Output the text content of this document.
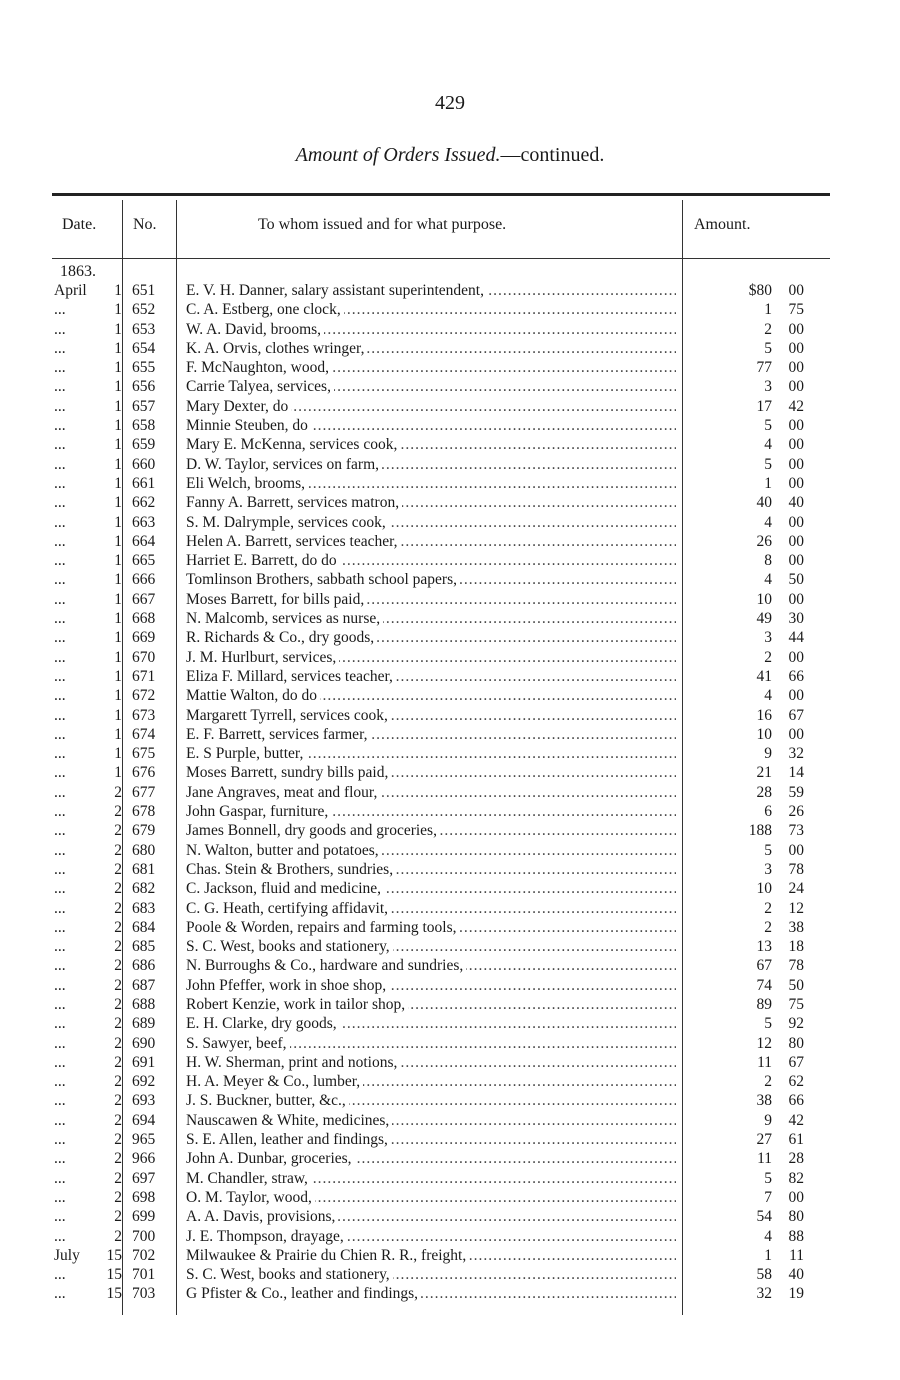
429
Amount of Orders Issued.—continued.
Date. No.	To whom issued and for what purpose.	Amount.
1863.
April	1 651	E. V. H. Danner, salary assistant superintendent, .....	$80	00
...	1 652	C. A. Estberg, one clock, .....	1	75
...	1 653	W. A. David, brooms, .....	2	00
...	1 654	K. A. Orvis, clothes wringer, .....	5	00
...	1 655	F. McNaughton, wood, .....	77	00
...	1 656	Carrie Talyea, services, .....	3	00
...	1 657	Mary Dexter, do .....	17	42
...	1 658	Minnie Steuben, do .....	5	00
...	1 659	Mary E. McKenna, services cook, .....	4	00
...	1 660	D. W. Taylor, services on farm, .....	5	00
...	1 661	Eli Welch, brooms, .....	1	00
...	1 662	Fanny A. Barrett, services matron, .....	40	40
...	1 663	S. M. Dalrymple, services cook, .....	4	00
...	1 664	Helen A. Barrett, services teacher, .....	26	00
...	1 665	Harriet E. Barrett, do do .....	8	00
...	1 666	Tomlinson Brothers, sabbath school papers, .....	4	50
...	1 667	Moses Barrett, for bills paid, .....	10	00
...	1 668	N. Malcomb, services as nurse, .....	49	30
...	1 669	R. Richards & Co., dry goods, .....	3	44
...	1 670	J. M. Hurlburt, services, .....	2	00
...	1 671	Eliza F. Millard, services teacher, .....	41	66
...	1 672	Mattie Walton, do do .....	4	00
...	1 673	Margarett Tyrrell, services cook, .....	16	67
...	1 674	E. F. Barrett, services farmer, .....	10	00
...	1 675	E. S Purple, butter, .....	9	32
...	1 676	Moses Barrett, sundry bills paid, .....	21	14
...	2 677	Jane Angraves, meat and flour, .....	28	59
...	2 678	John Gaspar, furniture, .....	6	26
...	2 679	James Bonnell, dry goods and groceries, .....	188	73
...	2 680	N. Walton, butter and potatoes, .....	5	00
...	2 681	Chas. Stein & Brothers, sundries, .....	3	78
...	2 682	C. Jackson, fluid and medicine, .....	10	24
...	2 683	C. G. Heath, certifying affidavit, .....	2	12
...	2 684	Poole & Worden, repairs and farming tools, .....	2	38
...	2 685	S. C. West, books and stationery, .....	13	18
...	2 686	N. Burroughs & Co., hardware and sundries, .....	67	78
...	2 687	John Pfeffer, work in shoe shop, .....	74	50
...	2 688	Robert Kenzie, work in tailor shop, .....	89	75
...	2 689	E. H. Clarke, dry goods, .....	5	92
...	2 690	S. Sawyer, beef, .....	12	80
...	2 691	H. W. Sherman, print and notions, .....	11	67
...	2 692	H. A. Meyer & Co., lumber, .....	2	62
...	2 693	J. S. Buckner, butter, &c., .....	38	66
...	2 694	Nauscawen & White, medicines, .....	9	42
...	2 965	S. E. Allen, leather and findings, .....	27	61
...	2 966	John A. Dunbar, groceries, .....	11	28
...	2 697	M. Chandler, straw, .....	5	82
...	2 698	O. M. Taylor, wood, .....	7	00
...	2 699	A. A. Davis, provisions, .....	54	80
...	2 700	J. E. Thompson, drayage, .....	4	88
July	15 702	Milwaukee & Prairie du Chien R. R., freight, .....	1	11
...	15 701	S. C. West, books and stationery, .....	58	40
...	15 703	G Pfister & Co., leather and findings, .....	32	19
